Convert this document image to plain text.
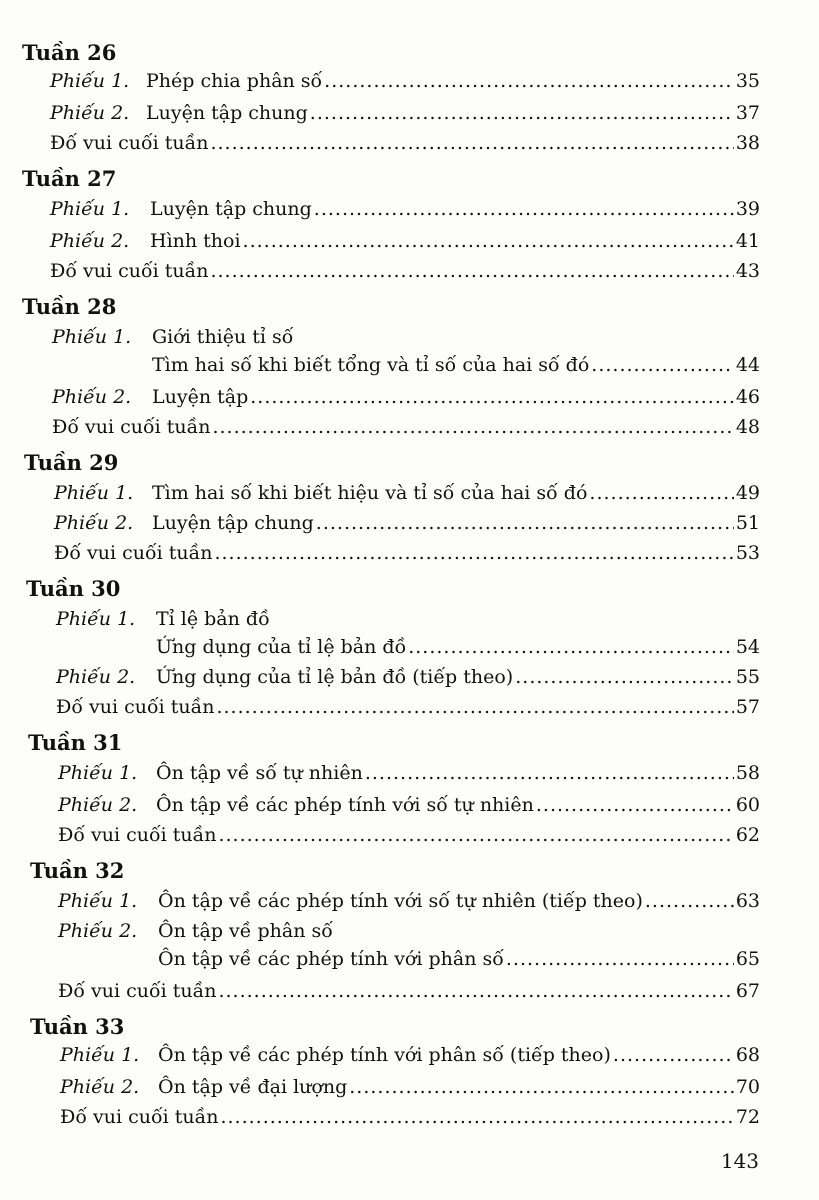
Tuần 26
Phiếu 1. Phép chia phân số .....	35
Phiếu 2. Luyện tập chung .....	37
Đố vui cuối tuần .....	38
Tuần 27
Phiếu 1. Luyện tập chung .....	39
Phiếu 2. Hình thoi .....	41
Đố vui cuối tuần .....	43
Tuần 28
Phiếu 1. Giới thiệu tỉ số
Tìm hai số khi biết tổng và tỉ số của hai số đó .....	44
Phiếu 2. Luyện tập .....	46
Đố vui cuối tuần .....	48
Tuần 29
Phiếu 1. Tìm hai số khi biết hiệu và tỉ số của hai số đó .....	49
Phiếu 2. Luyện tập chung .....	51
Đố vui cuối tuần .....	53
Tuần 30
Phiếu 1. Tỉ lệ bản đồ
Ứng dụng của tỉ lệ bản đồ .....	54
Phiếu 2. Ứng dụng của tỉ lệ bản đồ (tiếp theo) .....	55
Đố vui cuối tuần .....	57
Tuần 31
Phiếu 1. Ôn tập về số tự nhiên .....	58
Phiếu 2. Ôn tập về các phép tính với số tự nhiên .....	60
Đố vui cuối tuần .....	62
Tuần 32
Phiếu 1. Ôn tập về các phép tính với số tự nhiên (tiếp theo) .....	63
Phiếu 2. Ôn tập về phân số
Ôn tập về các phép tính với phân số .....	65
Đố vui cuối tuần .....	67
Tuần 33
Phiếu 1. Ôn tập về các phép tính với phân số (tiếp theo) .....	68
Phiếu 2. Ôn tập về đại lượng .....	70
Đố vui cuối tuần .....	72
143
